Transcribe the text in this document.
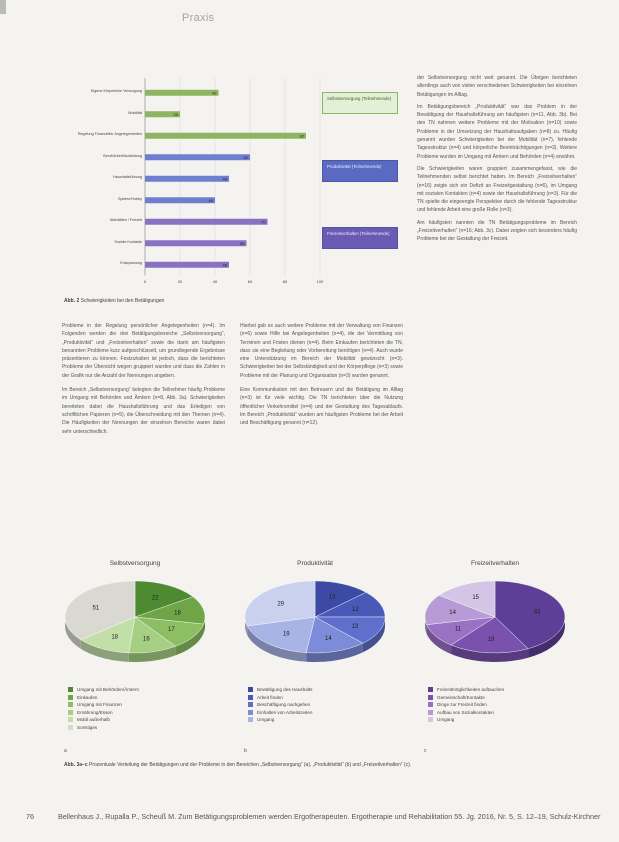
Praxis
42
20
92
60
48
40
70
58
48
Eigene Körperliche Versorgung
Mobilität
Regelung Finanzieller Angelegenheiten
Beruf/Arbeit/Ausbildung
Haushaltsführung
Spielen/Hobby
Aktivitäten / Freizeit
Soziale Kontakte
Entspannung
0	20	40	60	80	100
Selbstversorgung (Teilnehmende)
Produktivität (Teilnehmende)
Freizeitverhalten (Teilnehmende)
Abb. 2 Schwierigkeiten bei den Betätigungen

Probleme in der Regelung persönlicher Angelegenheiten (n=4). Im Folgenden werden die drei Betätigungsbereiche „Selbstversorgung“, „Produktivität“ und „Freizeitverhalten“ sowie die darin am häufigsten benannten Probleme kurz aufgeschlüsselt, um grundlegende Ergebnisse präsentieren zu können. Festzuhalten ist jedoch, dass die berichteten Probleme der Übersicht wegen gruppiert wurden und dass die Zahlen in der Grafik nur die Anzahl der Nennungen angeben.

Im Bereich „Selbstversorgung“ belegten die Teilnehmer häufig Probleme im Umgang mit Behörden und Ämtern (n=8, Abb. 3a). Schwierigkeiten bereiteten dabei die Haushaltsführung und das Erledigen von schriftlichen Papieren (n=5), die Überschneidung mit den Themen (n=4). Die Häufigkeiten der Nennungen der einzelnen Bereiche waren dabei sehr unterschiedlich.

Hierbei gab es auch weitere Probleme mit der Verwaltung von Finanzen (n=6) sowie Hilfe bei Angelegenheiten (n=4), die der Vermittlung von Terminen und Fristen dienen (n=4). Beim Einkaufen berichteten die TN, dass sie eine Begleitung oder Vorbereitung benötigen (n=4). Auch wurde eine Unterstützung im Bereich der Mobilität gewünscht (n=3). Schwierigkeiten bei der Selbständigkeit und der Körperpflege (n=3) sowie Probleme mit der Planung und Organisation (n=3) wurden genannt.

Eine Kommunikation mit den Betreuern und die Betätigung im Alltag (n=3) ist für viele wichtig. Die TN berichteten über die Nutzung öffentlicher Verkehrsmittel (n=4) und der Gestaltung des Tagesablaufs. Im Bereich „Produktivität“ wurden am häufigsten Probleme bei der Arbeit und Beschäftigung genannt (n=12).

der Selbstversorgung nicht weit genannt. Die Übrigen berichteten allerdings auch von vielen verschiedenen Schwierigkeiten bei einzelnen Betätigungen im Alltag.

Im Betätigungsbereich „Produktivität“ war das Problem in der Bewältigung der Haushaltsführung am häufigsten (n=11, Abb. 3b). Bei den TN nahmen weitere Probleme mit der Motivation (n=10) sowie Probleme in der Umsetzung der Haushaltsaufgaben (n=8) zu. Häufig genannt wurden Schwierigkeiten bei der Mobilität (n=7), fehlende Tagesstruktur (n=4) und körperliche Beeinträchtigungen (n=3). Weitere Probleme wurden im Umgang mit Ämtern und Behörden (n=4) erwähnt.

Die Schwierigkeiten waren gruppiert zusammengefasst, wie die Teilnehmenden selbst berichtet hatten. Im Bereich „Freizeitverhalten“ (n=16) zeigte sich ein Defizit an Freizeitgestaltung (n=6), im Umgang mit sozialen Kontakten (n=4) sowie der Haushaltsführung (n=3). Für die TN spielte die eingeengte Perspektive durch die fehlende Tagesstruktur und fehlende Arbeit eine große Rolle (n=3).

Am häufigsten nannten die TN Betätigungsprobleme im Bereich „Freizeitverhalten“ (n=16; Abb. 3c). Dabei zeigten sich besonders häufig Probleme bei der Gestaltung der Freizeit.

Selbstversorgung
22
18
17
16
18
51
Umgang mit Behörden/Ämtern
Einkaufen
Umgang mit Finanzen
Ernährung/Essen
Mobil außerhalb
Sonstiges
a
Produktivität
13
12
13
14
19
29
Bewältigung des Haushalts
Arbeit finden
Beschäftigung nachgehen
Einhalten von Arbeitszeiten
Umgang
b
Freizeitverhalten
43
19
11
14
15
Freizeitmöglichkeiten auftauchen
Gemeinschaft/Kontakte
Dinge zur Freizeit finden
Aufbau von Sozialkontakten
Umgang
c
Abb. 3a–c Prozentuale Verteilung der Betätigungen und der Probleme in den Bereichen „Selbstversorgung“ (a), „Produktivität“ (b) und „Freizeitverhalten“ (c).
76	Bellenhaus J., Rupalla P., Scheuß M. Zum Betätigungsproblemen werden Ergotherapeuten. Ergotherapie und Rehabilitation 55. Jg. 2016, Nr. 5, S. 12–19, Schulz-Kirchner
